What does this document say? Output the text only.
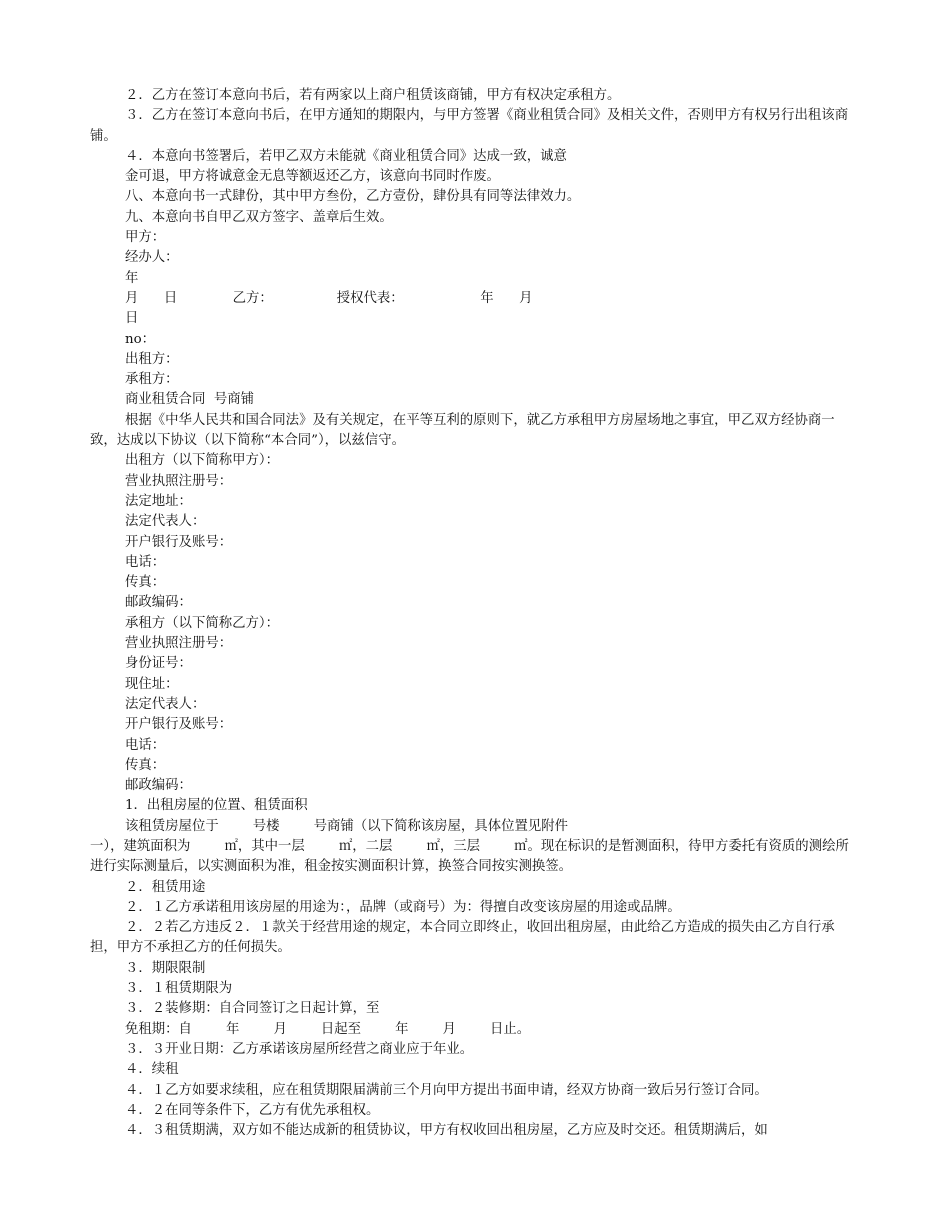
２．乙方在签订本意向书后，若有两家以上商户租赁该商铺，甲方有权决定承租方。

３．乙方在签订本意向书后，在甲方通知的期限内，与甲方签署《商业租赁合同》及相关文件，否则甲方有权另行出租该商铺。

４．本意向书签署后，若甲乙双方未能就《商业租赁合同》达成一致，诚意

金可退，甲方将诚意金无息等额返还乙方，该意向书同时作废。

八、本意向书一式肆份，其中甲方叁份，乙方壹份，肆份具有同等法律效力。

九、本意向书自甲乙双方签字、盖章后生效。

甲方：

经办人：

年

月      日             乙方：               授权代表：                  年      月

日

no：

出租方：

承租方：

商业租赁合同  号商铺

根据《中华人民共和国合同法》及有关规定，在平等互利的原则下，就乙方承租甲方房屋场地之事宜，甲乙双方经协商一致，达成以下协议（以下简称“本合同”），以兹信守。

出租方（以下简称甲方）：

营业执照注册号：

法定地址：

法定代表人：

开户银行及账号：

电话：

传真：

邮政编码：

承租方（以下简称乙方）：

营业执照注册号：

身份证号：

现住址：

法定代表人：

开户银行及账号：

电话：

传真：

邮政编码：

1．出租房屋的位置、租赁面积

该租赁房屋位于        号楼        号商铺（以下简称该房屋，具体位置见附件

一），建筑面积为        ㎡，其中一层        ㎡，二层        ㎡，三层        ㎡。现在标识的是暂测面积，待甲方委托有资质的测绘所进行实际测量后，以实测面积为准，租金按实测面积计算，换签合同按实测换签。

２．租赁用途

２．１乙方承诺租用该房屋的用途为：，品牌（或商号）为：得擅自改变该房屋的用途或品牌。

２．２若乙方违反２．１款关于经营用途的规定，本合同立即终止，收回出租房屋，由此给乙方造成的损失由乙方自行承担，甲方不承担乙方的任何损失。

３．期限限制

３．１租赁期限为

３．２装修期：自合同签订之日起计算，至

免租期：自        年        月        日起至        年        月        日止。

３．３开业日期：乙方承诺该房屋所经营之商业应于年业。

４．续租

４．１乙方如要求续租，应在租赁期限届满前三个月向甲方提出书面申请，经双方协商一致后另行签订合同。

４．２在同等条件下，乙方有优先承租权。

４．３租赁期满，双方如不能达成新的租赁协议，甲方有权收回出租房屋，乙方应及时交还。租赁期满后，如
